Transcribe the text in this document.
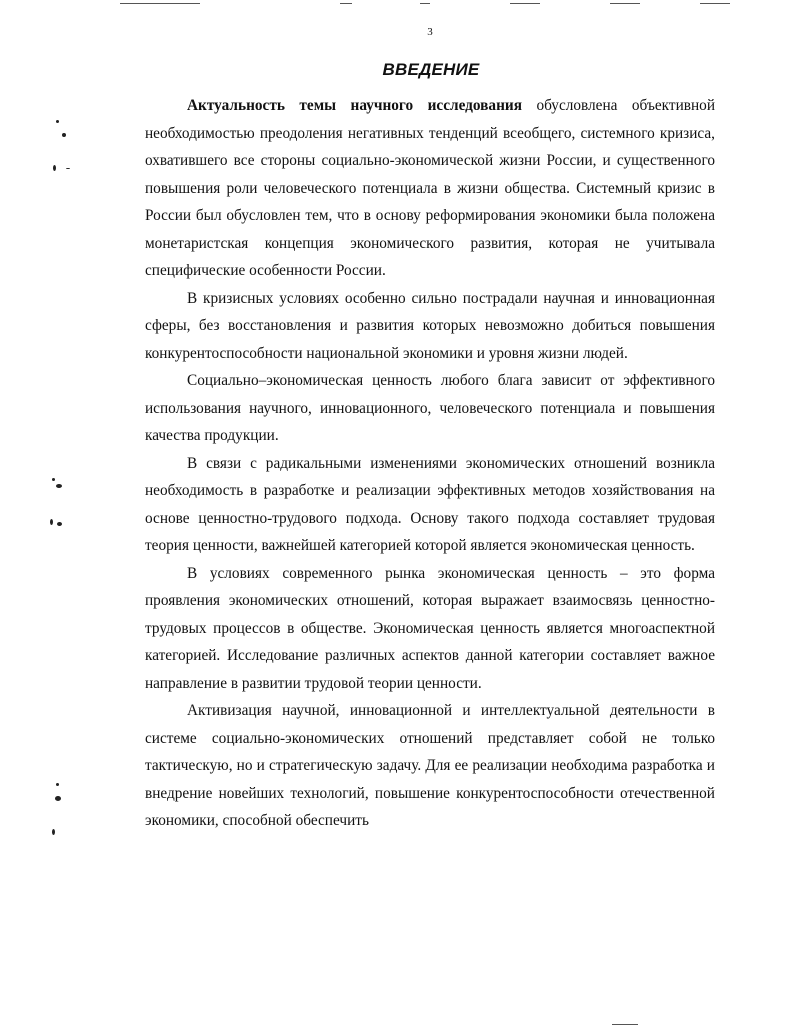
3
ВВЕДЕНИЕ

Актуальность темы научного исследования обусловлена объективной необходимостью преодоления негативных тенденций всеобщего, системного кризиса, охватившего все стороны социально-экономической жизни России, и существенного повышения роли человеческого потенциала в жизни общества. Системный кризис в России был обусловлен тем, что в основу реформирования экономики была положена монетаристская концепция экономического развития, которая не учитывала специфические особенности России.

В кризисных условиях особенно сильно пострадали научная и инновационная сферы, без восстановления и развития которых невозможно добиться повышения конкурентоспособности национальной экономики и уровня жизни людей.

Социально–экономическая ценность любого блага зависит от эффективного использования научного, инновационного, человеческого потенциала и повышения качества продукции.

В связи с радикальными изменениями экономических отношений возникла необходимость в разработке и реализации эффективных методов хозяйствования на основе ценностно-трудового подхода. Основу такого подхода составляет трудовая теория ценности, важнейшей категорией которой является экономическая ценность.

В условиях современного рынка экономическая ценность – это форма проявления экономических отношений, которая выражает взаимосвязь ценностно-трудовых процессов в обществе. Экономическая ценность является многоаспектной категорией. Исследование различных аспектов данной категории составляет важное направление в развитии трудовой теории ценности.

Активизация научной, инновационной и интеллектуальной деятельности в системе социально-экономических отношений представляет собой не только тактическую, но и стратегическую задачу. Для ее реализации необходима разработка и внедрение новейших технологий, повышение конкурентоспособности отечественной экономики, способной обеспечить
